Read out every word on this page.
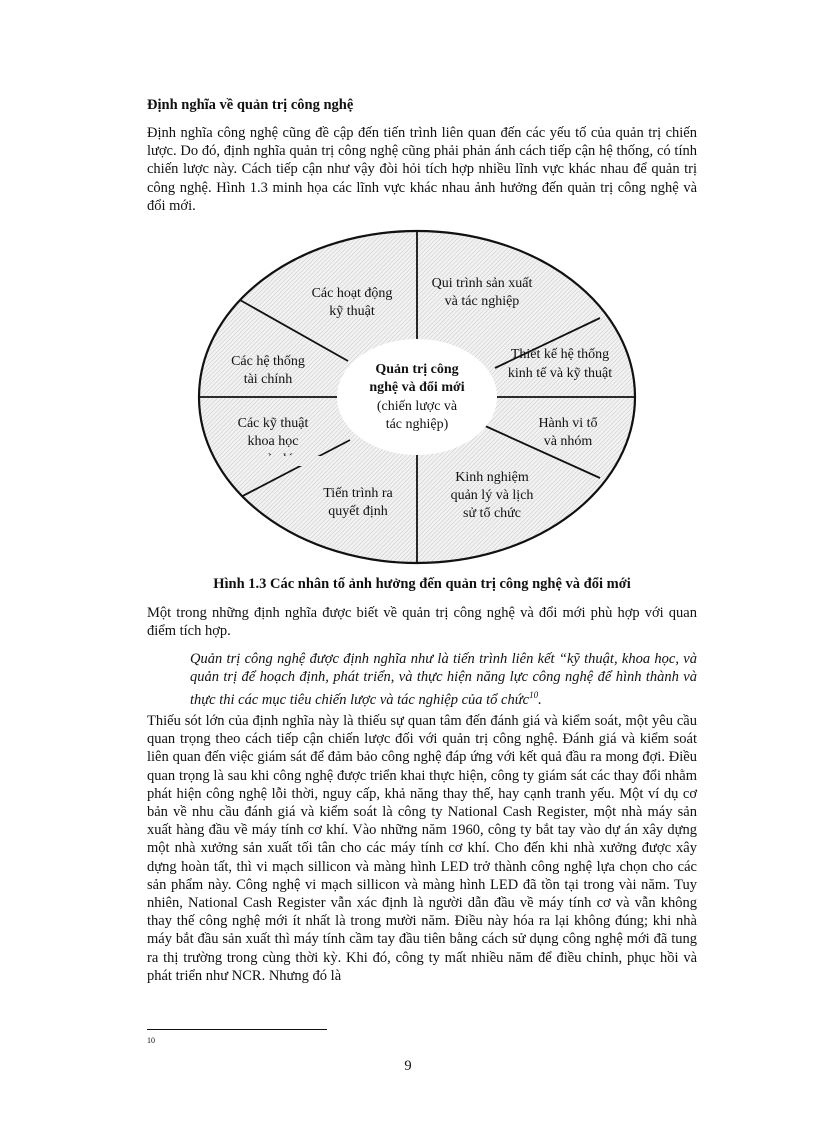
Định nghĩa về quản trị công nghệ
Định nghĩa công nghệ cũng đề cập đến tiến trình liên quan đến các yếu tố của quản trị chiến lược. Do đó, định nghĩa quản trị công nghệ cũng phải phản ánh cách tiếp cận hệ thống, có tính chiến lược này. Cách tiếp cận như vậy đòi hỏi tích hợp nhiều lĩnh vực khác nhau để quản trị công nghệ. Hình 1.3 minh họa các lĩnh vực khác nhau ảnh hưởng đến quản trị công nghệ và đổi mới.
Quản trị công
nghệ và đổi mới
(chiến lược và
tác nghiệp)
Các hoạt động
kỹ thuật
Qui trình sản xuất
và tác nghiệp
Thiết kế hệ thống
kinh tế và kỹ thuật
Hành vi tổ
và nhóm
Kinh nghiệm
quản lý và lịch
sử tổ chức
Tiến trình ra
quyết định
Các kỹ thuật
khoa học
Các hệ thống
tài chính
Hình 1.3 Các nhân tố ảnh hưởng đến quản trị công nghệ và đổi mới
Một trong những định nghĩa được biết về quản trị công nghệ và đổi mới phù hợp với quan điểm tích hợp.
Quản trị công nghệ được định nghĩa như là tiến trình liên kết “kỹ thuật, khoa học, và quản trị để hoạch định, phát triển, và thực hiện năng lực công nghệ để hình thành và thực thi các mục tiêu chiến lược và tác nghiệp của tổ chức$^{10}$.
Thiếu sót lớn của định nghĩa này là thiếu sự quan tâm đến đánh giá và kiểm soát, một yêu cầu quan trọng theo cách tiếp cận chiến lược đối với quản trị công nghệ. Đánh giá và kiểm soát liên quan đến việc giám sát để đảm bảo công nghệ đáp ứng với kết quả đầu ra mong đợi. Điều quan trọng là sau khi công nghệ được triển khai thực hiện, công ty giám sát các thay đổi nhằm phát hiện công nghệ lỗi thời, nguy cấp, khả năng thay thế, hay cạnh tranh yếu. Một ví dụ cơ bản về nhu cầu đánh giá và kiểm soát là công ty National Cash Register, một nhà máy sản xuất hàng đầu về máy tính cơ khí. Vào những năm 1960, công ty bắt tay vào dự án xây dựng một nhà xưởng sản xuất tối tân cho các máy tính cơ khí. Cho đến khi nhà xưởng được xây dựng hoàn tất, thì vi mạch sillicon và màng hình LED trở thành công nghệ lựa chọn cho các sản phẩm này. Công nghệ vi mạch sillicon và màng hình LED đã tồn tại trong vài năm. Tuy nhiên, National Cash Register vẫn xác định là người dẫn đầu về máy tính cơ và vẫn không thay thế công nghệ mới ít nhất là trong mười năm. Điều này hóa ra lại không đúng; khi nhà máy bắt đầu sản xuất thì máy tính cầm tay đầu tiên bằng cách sử dụng công nghệ mới đã tung ra thị trường trong cùng thời kỳ. Khi đó, công ty mất nhiều năm để điều chỉnh, phục hồi và phát triển như NCR. Nhưng đó là
10
9
